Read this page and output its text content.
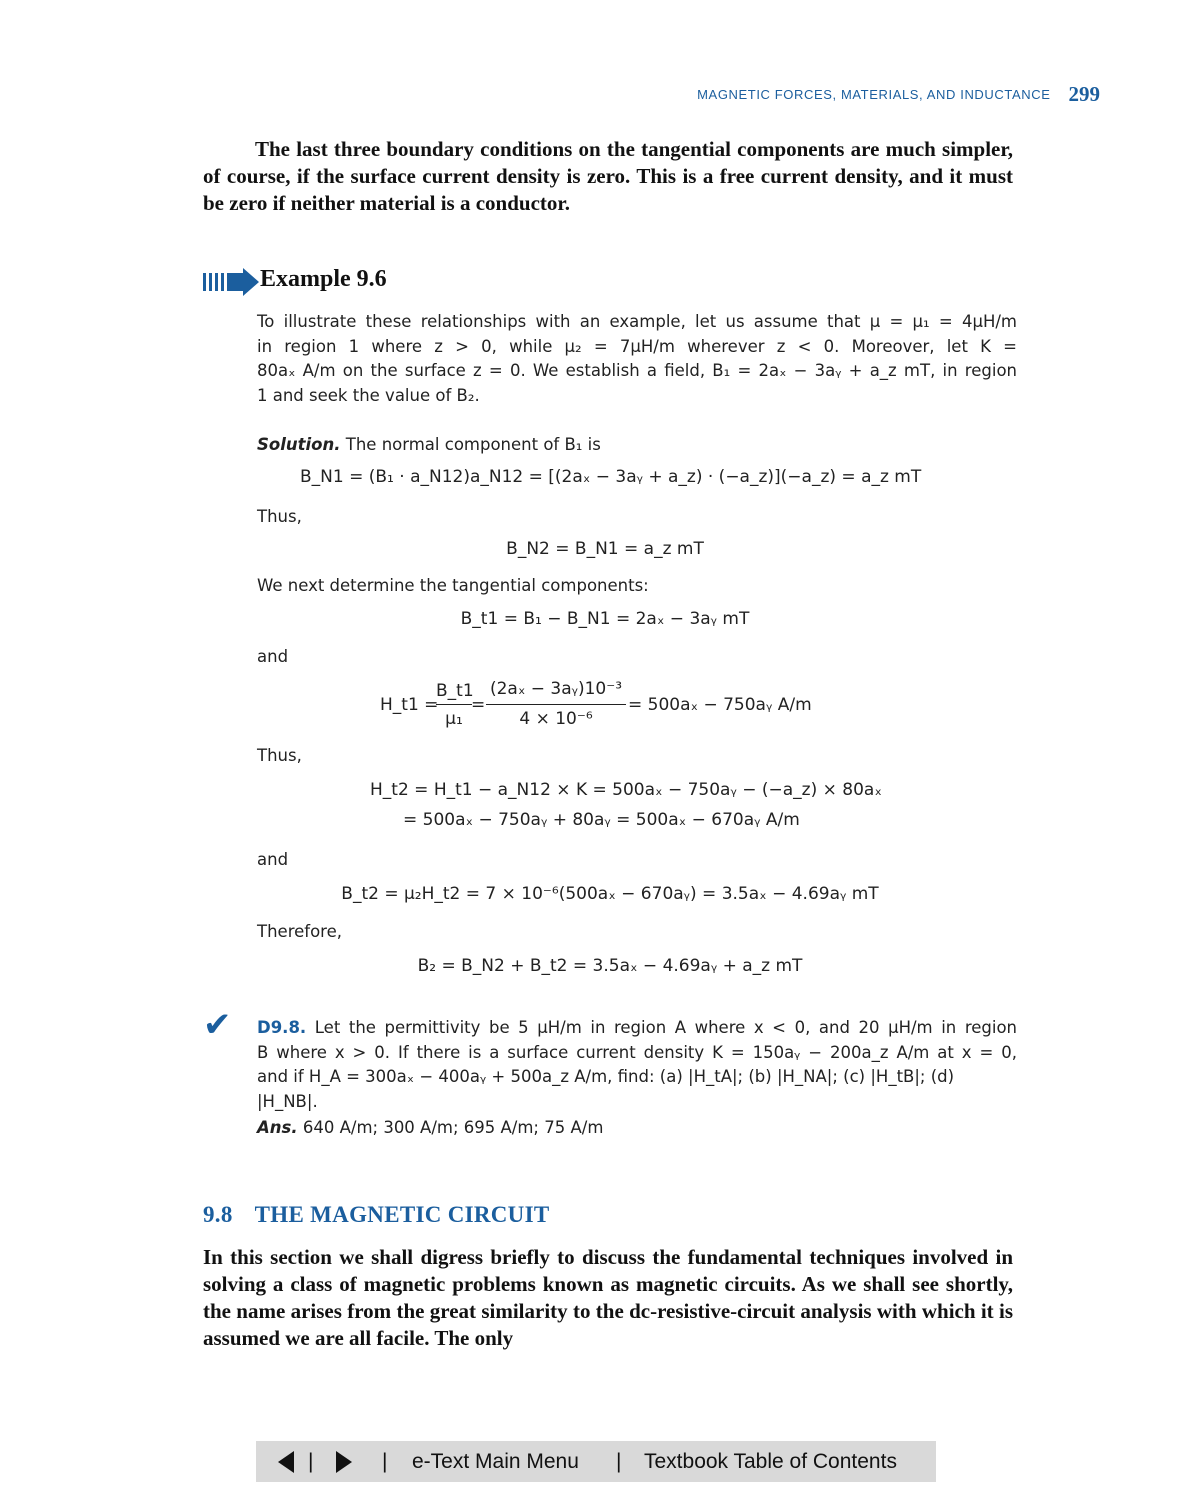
MAGNETIC FORCES, MATERIALS, AND INDUCTANCE 299
The last three boundary conditions on the tangential components are much simpler, of course, if the surface current density is zero. This is a free current density, and it must be zero if neither material is a conductor.
Example 9.6
To illustrate these relationships with an example, let us assume that μ = μ₁ = 4μH/m
in region 1 where z > 0, while μ₂ = 7μH/m wherever z < 0. Moreover, let K =
80aₓ A/m on the surface z = 0. We establish a field, B₁ = 2aₓ − 3aᵧ + a_z mT, in region
1 and seek the value of B₂.
Solution. The normal component of B₁ is
B_N1 = (B₁ · a_N12)a_N12 = [(2aₓ − 3aᵧ + a_z) · (−a_z)](−a_z) = a_z mT
Thus,
B_N2 = B_N1 = a_z mT
We next determine the tangential components:
B_t1 = B₁ − B_N1 = 2aₓ − 3aᵧ mT
and
H_t1 =
B_t1
μ₁
=
(2aₓ − 3aᵧ)10⁻³
4 × 10⁻⁶
= 500aₓ − 750aᵧ A/m
Thus,
H_t2 = H_t1 − a_N12 × K = 500aₓ − 750aᵧ − (−a_z) × 80aₓ
= 500aₓ − 750aᵧ + 80aᵧ = 500aₓ − 670aᵧ A/m
and
B_t2 = μ₂H_t2 = 7 × 10⁻⁶(500aₓ − 670aᵧ) = 3.5aₓ − 4.69aᵧ mT
Therefore,
B₂ = B_N2 + B_t2 = 3.5aₓ − 4.69aᵧ + a_z mT
✔ D9.8. Let the permittivity be 5 μH/m in region A where x < 0, and 20 μH/m in region
B where x > 0. If there is a surface current density K = 150aᵧ − 200a_z A/m at x = 0,
and if H_A = 300aₓ − 400aᵧ + 500a_z A/m, find: (a) |H_tA|; (b) |H_NA|; (c) |H_tB|; (d) |H_NB|.
Ans. 640 A/m; 300 A/m; 695 A/m; 75 A/m
9.8 THE MAGNETIC CIRCUIT
In this section we shall digress briefly to discuss the fundamental techniques involved in solving a class of magnetic problems known as magnetic circuits. As we shall see shortly, the name arises from the great similarity to the dc-resistive-circuit analysis with which it is assumed we are all facile. The only
|	| e-Text Main Menu | Textbook Table of Contents
